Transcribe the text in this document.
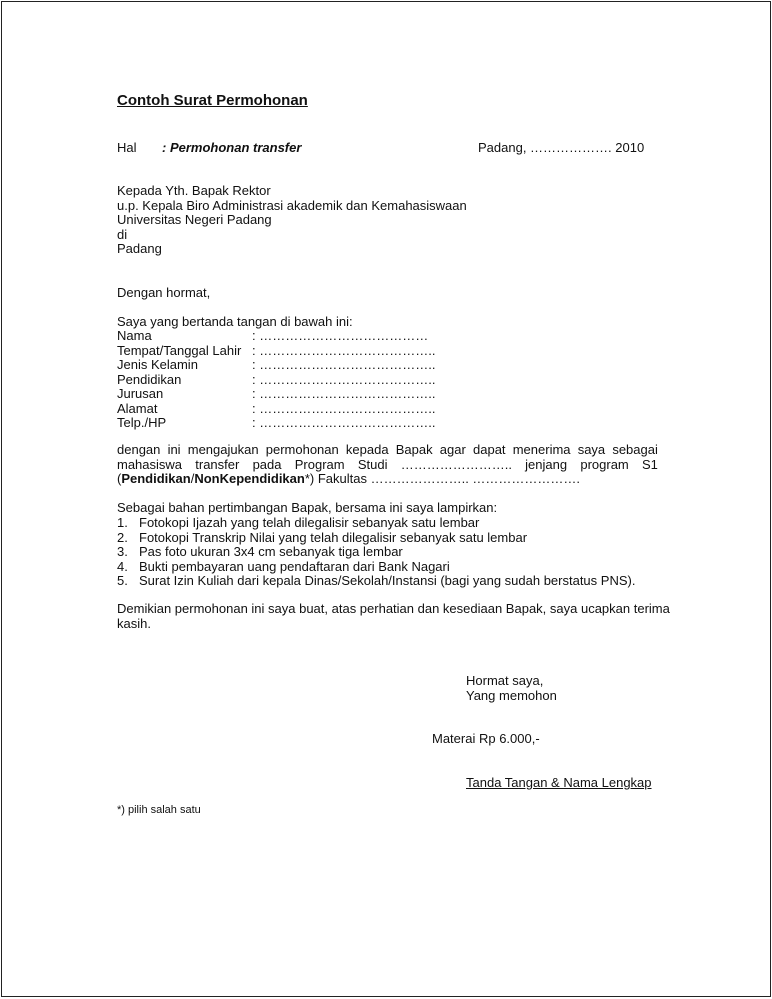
Contoh Surat Permohonan
Hal : Permohonan transfer	Padang, ………………. 2010
Kepada Yth. Bapak Rektor
u.p. Kepala Biro Administrasi akademik dan Kemahasiswaan
Universitas Negeri Padang
di
Padang
Dengan hormat,
Saya yang bertanda tangan di bawah ini:
Nama	: …………………………………
Tempat/Tanggal Lahir : …………………………………..
Jenis Kelamin	: …………………………………..
Pendidikan	: …………………………………..
Jurusan	: …………………………………..
Alamat	: …………………………………..
Telp./HP	: …………………………………..
dengan ini mengajukan permohonan kepada Bapak agar dapat menerima saya sebagai
mahasiswa transfer pada Program Studi …………………….. jenjang program S1
(Pendidikan/NonKependidikan*) Fakultas ………………….. …………………….
Sebagai bahan pertimbangan Bapak, bersama ini saya lampirkan:
1. Fotokopi Ijazah yang telah dilegalisir sebanyak satu lembar
2. Fotokopi Transkrip Nilai yang telah dilegalisir sebanyak satu lembar
3. Pas foto ukuran 3x4 cm sebanyak tiga lembar
4. Bukti pembayaran uang pendaftaran dari Bank Nagari
5. Surat Izin Kuliah dari kepala Dinas/Sekolah/Instansi (bagi yang sudah berstatus PNS).
Demikian permohonan ini saya buat, atas perhatian dan kesediaan Bapak, saya ucapkan terima
kasih.
Hormat saya,
Yang memohon
Materai Rp 6.000,-
Tanda Tangan & Nama Lengkap
*) pilih salah satu
